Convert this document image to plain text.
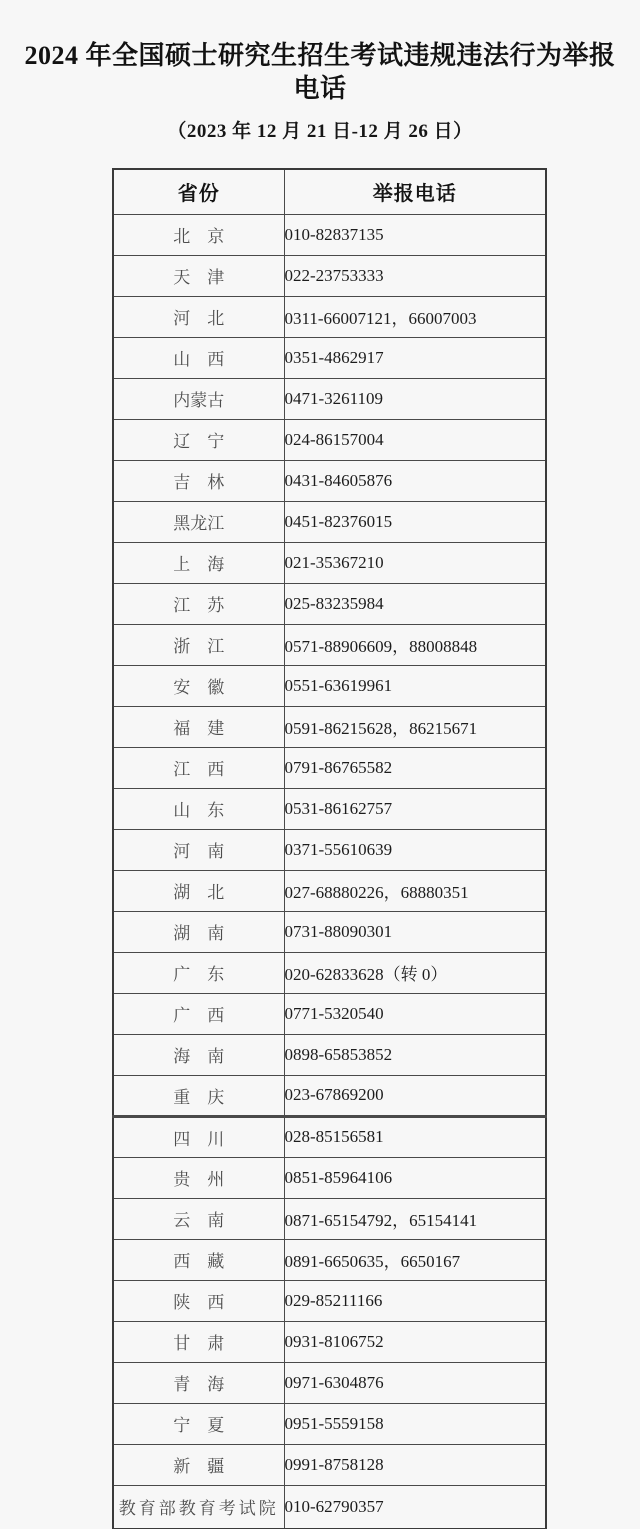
2024 年全国硕士研究生招生考试违规违法行为举报电话
（2023 年 12 月 21 日-12 月 26 日）
省份	举报电话
北　京	010-82837135
天　津	022-23753333
河　北	0311-66007121，66007003
山　西	0351-4862917
内蒙古	0471-3261109
辽　宁	024-86157004
吉　林	0431-84605876
黑龙江	0451-82376015
上　海	021-35367210
江　苏	025-83235984
浙　江	0571-88906609，88008848
安　徽	0551-63619961
福　建	0591-86215628，86215671
江　西	0791-86765582
山　东	0531-86162757
河　南	0371-55610639
湖　北	027-68880226，68880351
湖　南	0731-88090301
广　东	020-62833628（转 0）
广　西	0771-5320540
海　南	0898-65853852
重　庆	023-67869200
四　川	028-85156581
贵　州	0851-85964106
云　南	0871-65154792，65154141
西　藏	0891-6650635，6650167
陕　西	029-85211166
甘　肃	0931-8106752
青　海	0971-6304876
宁　夏	0951-5559158
新　疆	0991-8758128
教育部教育考试院	010-62790357
